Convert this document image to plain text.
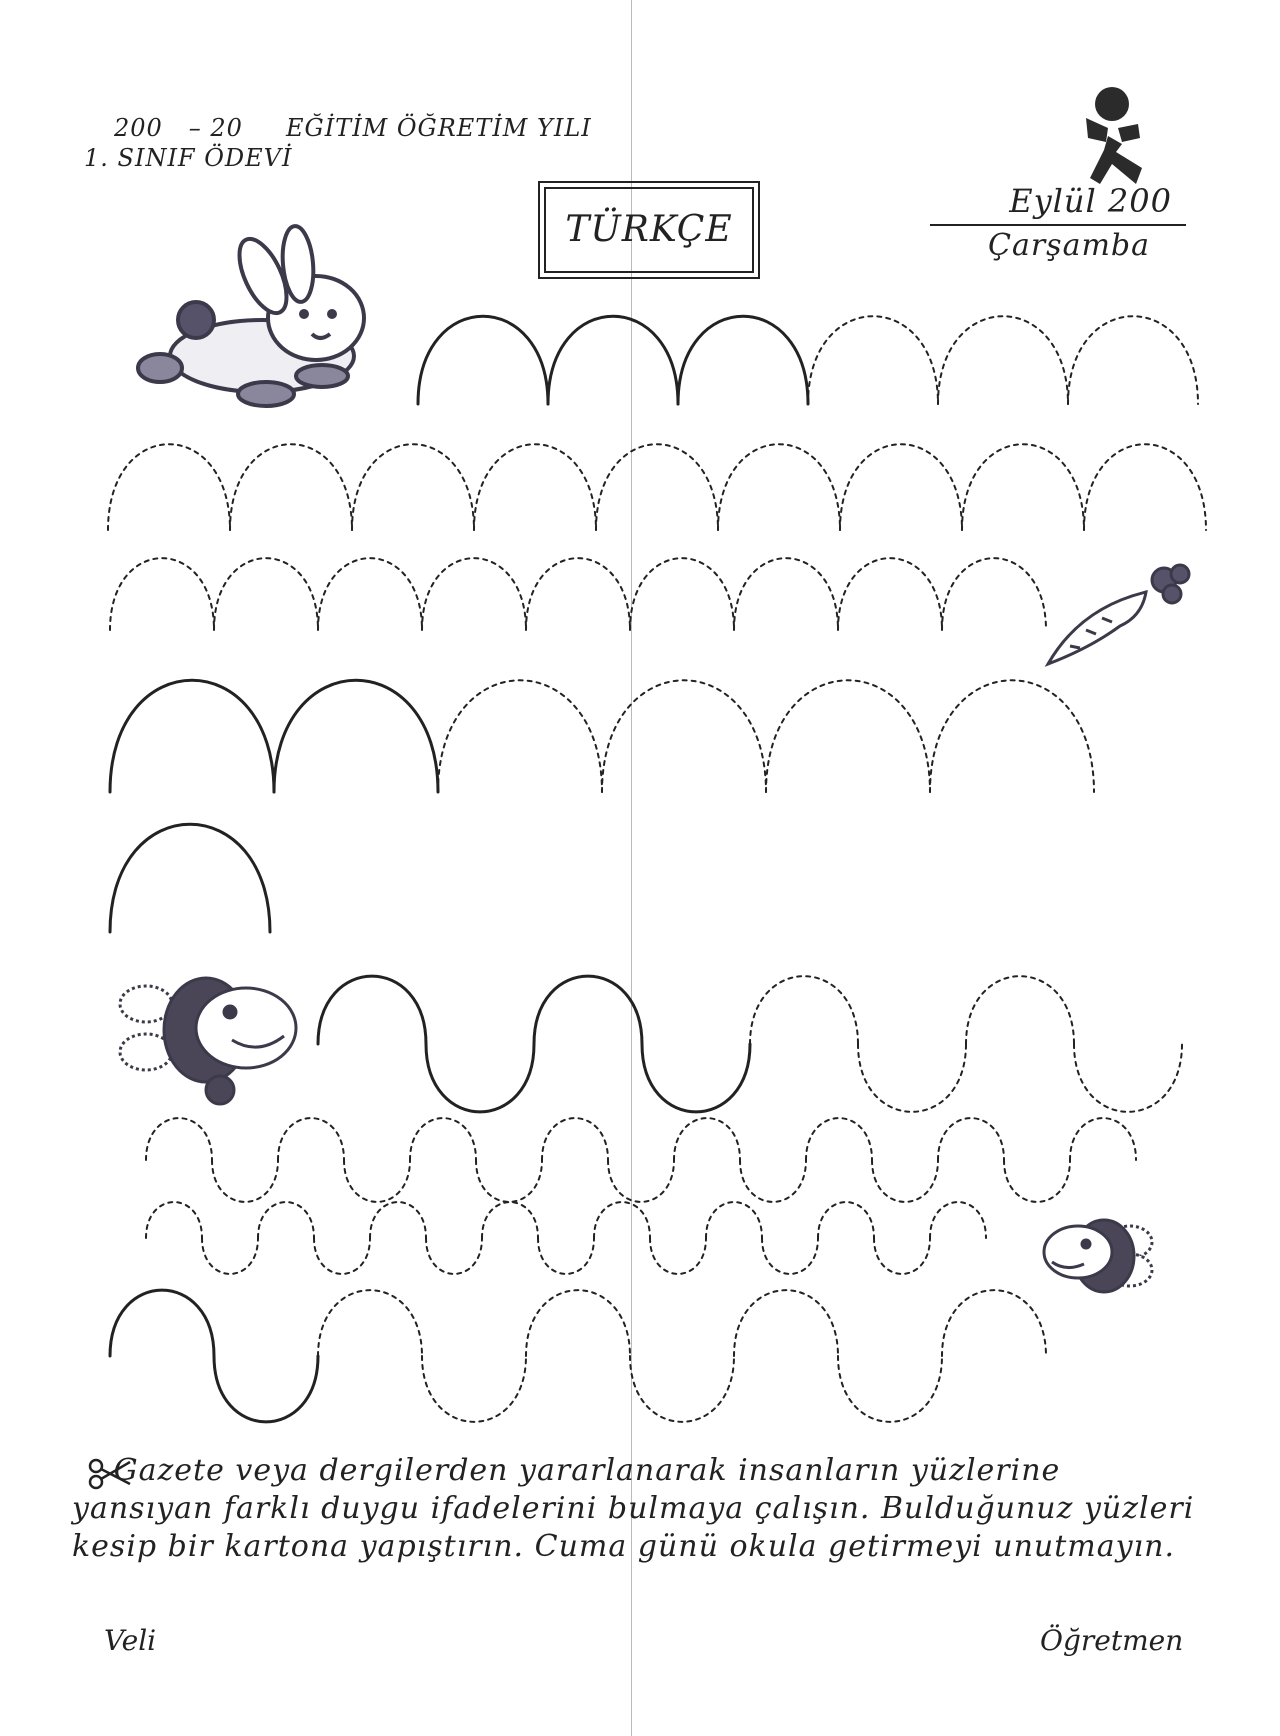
200   – 20     EĞİTİM ÖĞRETİM YILI
1. SINIF ÖDEVİ
TÜRKÇE
Eylül 200
Çarşamba
Gazete veya dergilerden yararlanarak insanların yüzlerine yansıyan farklı duygu ifadelerini bulmaya çalışın. Bulduğunuz yüzleri kesip bir kartona yapıştırın. Cuma günü okula getirmeyi unutmayın.
Veli	Öğretmen
